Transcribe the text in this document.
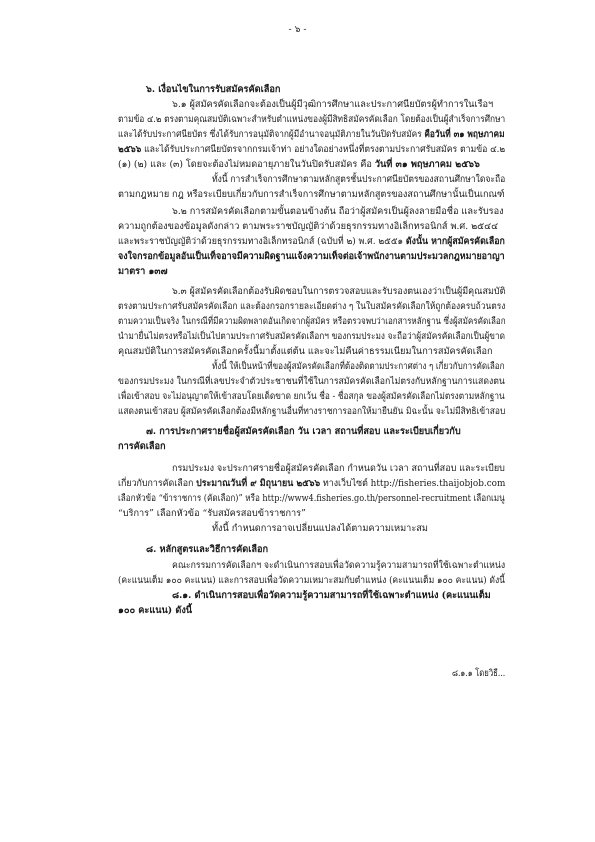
- ๖ -
๖. เงื่อนไขในการรับสมัครคัดเลือก
๖.๑ ผู้สมัครคัดเลือกจะต้องเป็นผู้มีวุฒิการศึกษาและประกาศนียบัตรผู้ทำการในเรือฯ
ตามข้อ ๔.๒ ตรงตามคุณสมบัติเฉพาะสำหรับตำแหน่งของผู้มีสิทธิสมัครคัดเลือก โดยต้องเป็นผู้สำเร็จการศึกษา
และได้รับประกาศนียบัตร ซึ่งได้รับการอนุมัติจากผู้มีอำนาจอนุมัติภายในวันปิดรับสมัคร คือวันที่ ๓๑ พฤษภาคม
๒๕๖๖ และได้รับประกาศนียบัตรจากกรมเจ้าท่า อย่างใดอย่างหนึ่งที่ตรงตามประกาศรับสมัคร ตามข้อ ๔.๒
(๑) (๒) และ (๓) โดยจะต้องไม่หมดอายุภายในวันปิดรับสมัคร คือ วันที่ ๓๑ พฤษภาคม ๒๕๖๖
ทั้งนี้ การสำเร็จการศึกษาตามหลักสูตรชั้นประกาศนียบัตรของสถานศึกษาใดจะถือ
ตามกฎหมาย กฎ หรือระเบียบเกี่ยวกับการสำเร็จการศึกษาตามหลักสูตรของสถานศึกษานั้นเป็นเกณฑ์
๖.๒ การสมัครคัดเลือกตามขั้นตอนข้างต้น ถือว่าผู้สมัครเป็นผู้ลงลายมือชื่อ และรับรอง
ความถูกต้องของข้อมูลดังกล่าว ตามพระราชบัญญัติว่าด้วยธุรกรรมทางอิเล็กทรอนิกส์ พ.ศ. ๒๕๔๔
และพระราชบัญญัติว่าด้วยธุรกรรมทางอิเล็กทรอนิกส์ (ฉบับที่ ๒) พ.ศ. ๒๕๕๑ ดังนั้น หากผู้สมัครคัดเลือก
จงใจกรอกข้อมูลอันเป็นเท็จอาจมีความผิดฐานแจ้งความเท็จต่อเจ้าพนักงานตามประมวลกฎหมายอาญา
มาตรา ๑๓๗
๖.๓ ผู้สมัครคัดเลือกต้องรับผิดชอบในการตรวจสอบและรับรองตนเองว่าเป็นผู้มีคุณสมบัติ
ตรงตามประกาศรับสมัครคัดเลือก และต้องกรอกรายละเอียดต่าง ๆ ในใบสมัครคัดเลือกให้ถูกต้องครบถ้วนตรง
ตามความเป็นจริง ในกรณีที่มีความผิดพลาดอันเกิดจากผู้สมัคร หรือตรวจพบว่าเอกสารหลักฐาน ซึ่งผู้สมัครคัดเลือก
นำมายื่นไม่ตรงหรือไม่เป็นไปตามประกาศรับสมัครคัดเลือกฯ ของกรมประมง จะถือว่าผู้สมัครคัดเลือกเป็นผู้ขาด
คุณสมบัติในการสมัครคัดเลือกครั้งนี้มาตั้งแต่ต้น และจะไม่คืนค่าธรรมเนียมในการสมัครคัดเลือก
ทั้งนี้ ให้เป็นหน้าที่ของผู้สมัครคัดเลือกที่ต้องติดตามประกาศต่าง ๆ เกี่ยวกับการคัดเลือก
ของกรมประมง ในกรณีที่เลขประจำตัวประชาชนที่ใช้ในการสมัครคัดเลือกไม่ตรงกับหลักฐานการแสดงตน
เพื่อเข้าสอบ จะไม่อนุญาตให้เข้าสอบโดยเด็ดขาด ยกเว้น ชื่อ - ชื่อสกุล ของผู้สมัครคัดเลือกไม่ตรงตามหลักฐาน
แสดงตนเข้าสอบ ผู้สมัครคัดเลือกต้องมีหลักฐานอื่นที่ทางราชการออกให้มายืนยัน มิฉะนั้น จะไม่มีสิทธิเข้าสอบ
๗. การประกาศรายชื่อผู้สมัครคัดเลือก วัน เวลา สถานที่สอบ และระเบียบเกี่ยวกับ
การคัดเลือก
กรมประมง จะประกาศรายชื่อผู้สมัครคัดเลือก กำหนดวัน เวลา สถานที่สอบ และระเบียบ
เกี่ยวกับการคัดเลือก ประมาณวันที่ ๙ มิถุนายน ๒๕๖๖ ทางเว็บไซต์ http://fisheries.thaijobjob.com
เลือกหัวข้อ “ข้าราชการ (คัดเลือก)” หรือ http://www4.fisheries.go.th/personnel-recruitment เลือกเมนู
“บริการ” เลือกหัวข้อ “รับสมัครสอบข้าราชการ”
ทั้งนี้ กำหนดการอาจเปลี่ยนแปลงได้ตามความเหมาะสม
๘. หลักสูตรและวิธีการคัดเลือก
คณะกรรมการคัดเลือกฯ จะดำเนินการสอบเพื่อวัดความรู้ความสามารถที่ใช้เฉพาะตำแหน่ง
(คะแนนเต็ม ๑๐๐ คะแนน) และการสอบเพื่อวัดความเหมาะสมกับตำแหน่ง (คะแนนเต็ม ๑๐๐ คะแนน) ดังนี้
๘.๑. ดำเนินการสอบเพื่อวัดความรู้ความสามารถที่ใช้เฉพาะตำแหน่ง (คะแนนเต็ม
๑๐๐ คะแนน) ดังนี้
๘.๑.๑ โดยวิธี...
